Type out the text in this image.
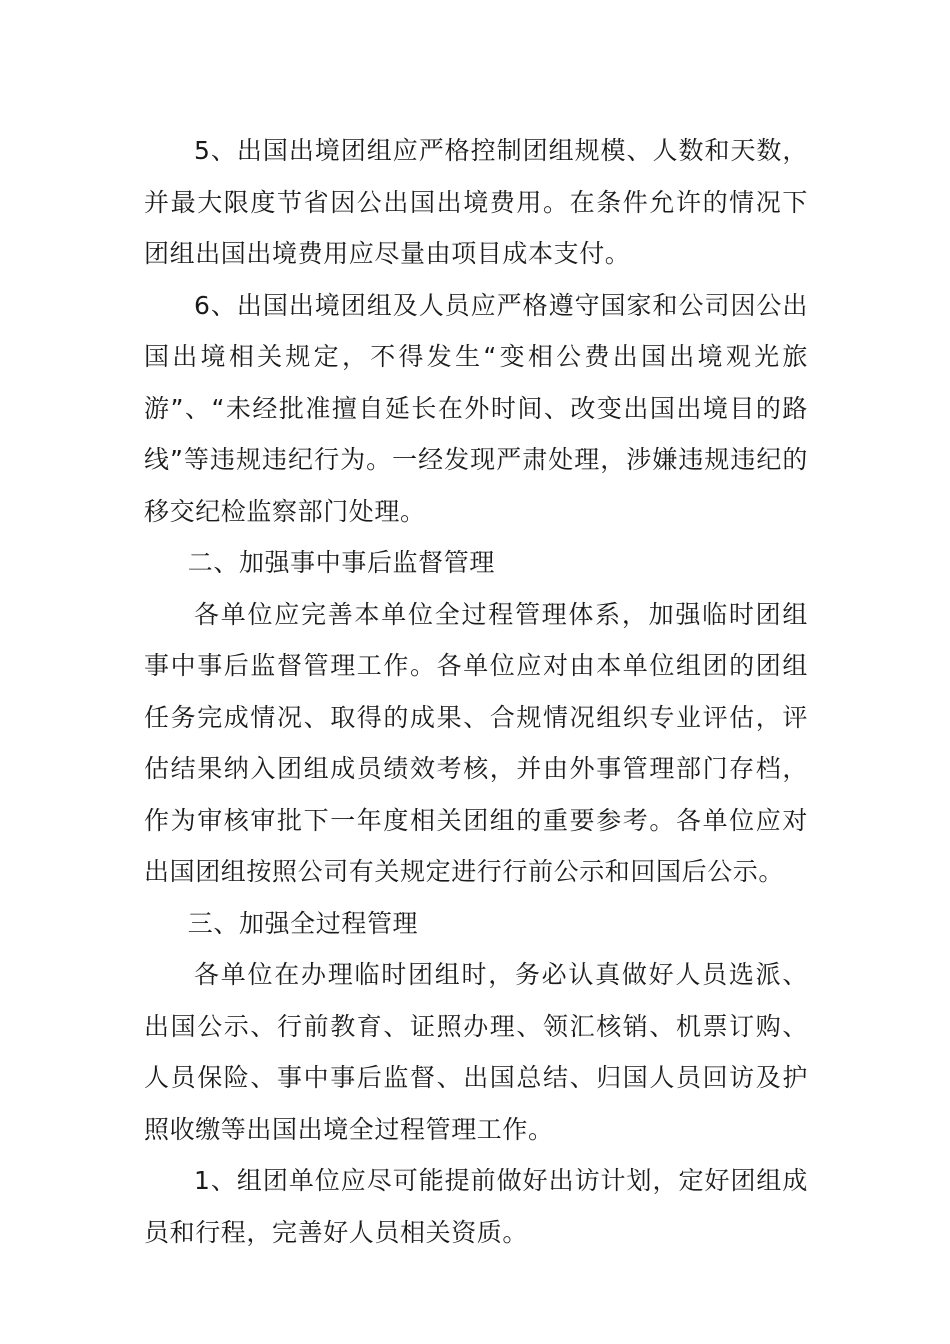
5、出国出境团组应严格控制团组规模、人数和天数，并最大限度节省因公出国出境费用。在条件允许的情况下团组出国出境费用应尽量由项目成本支付。

6、出国出境团组及人员应严格遵守国家和公司因公出国出境相关规定，不得发生“变相公费出国出境观光旅游”、“未经批准擅自延长在外时间、改变出国出境目的路线”等违规违纪行为。一经发现严肃处理，涉嫌违规违纪的移交纪检监察部门处理。

二、加强事中事后监督管理

各单位应完善本单位全过程管理体系，加强临时团组事中事后监督管理工作。各单位应对由本单位组团的团组任务完成情况、取得的成果、合规情况组织专业评估，评估结果纳入团组成员绩效考核，并由外事管理部门存档，作为审核审批下一年度相关团组的重要参考。各单位应对出国团组按照公司有关规定进行行前公示和回国后公示。

三、加强全过程管理

各单位在办理临时团组时，务必认真做好人员选派、出国公示、行前教育、证照办理、领汇核销、机票订购、人员保险、事中事后监督、出国总结、归国人员回访及护照收缴等出国出境全过程管理工作。

1、组团单位应尽可能提前做好出访计划，定好团组成员和行程，完善好人员相关资质。
